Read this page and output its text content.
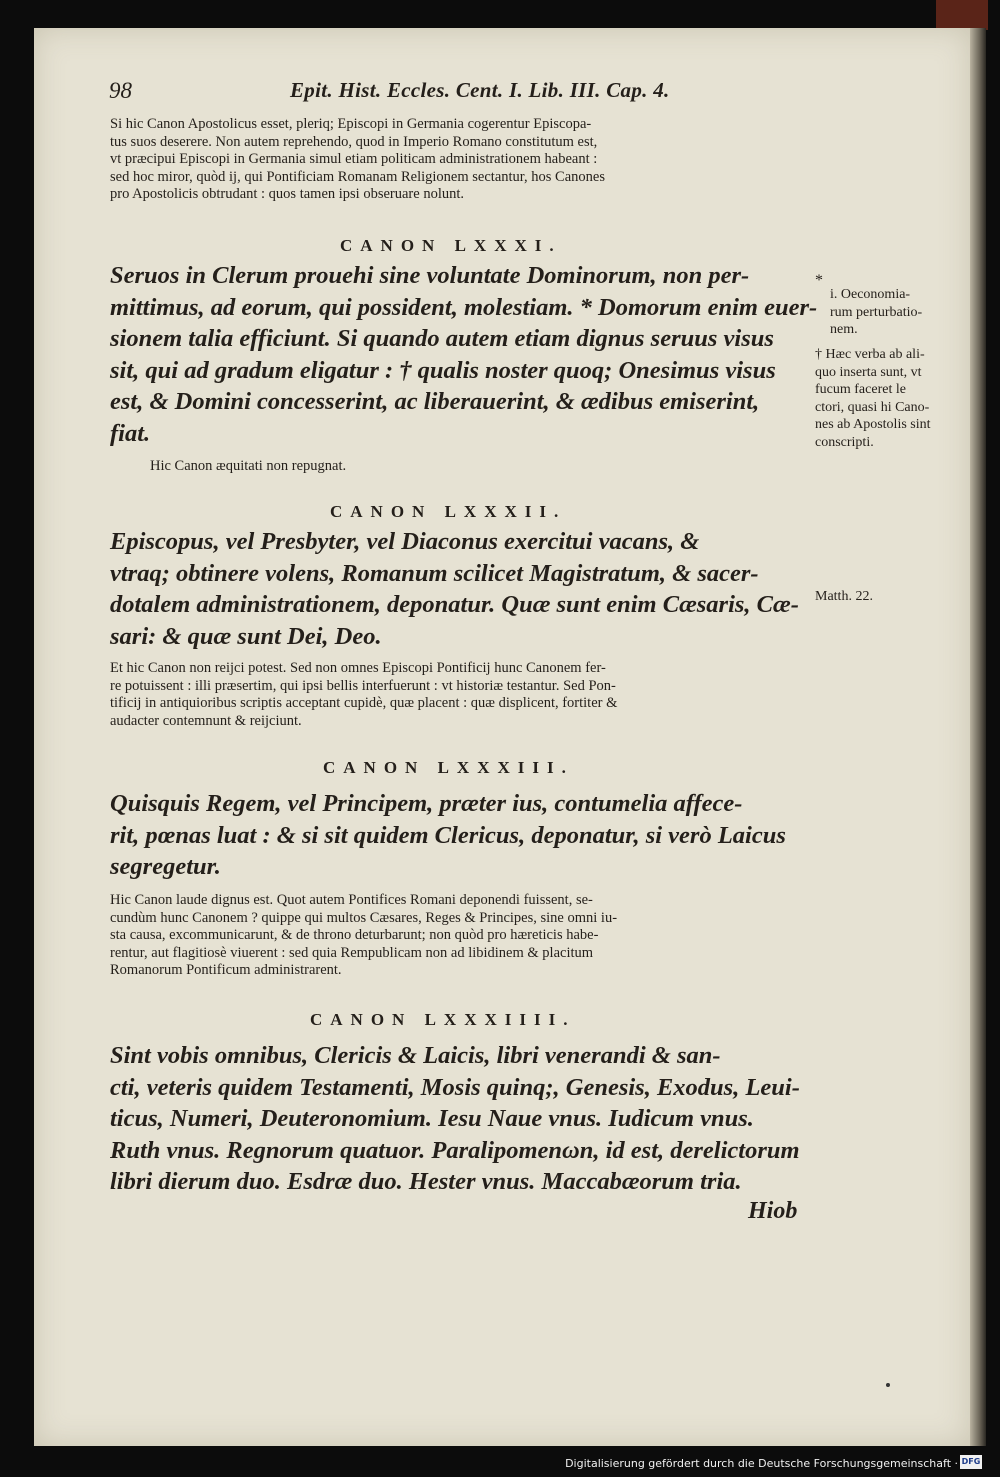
98	Epit. Hist. Eccles. Cent. I. Lib. III. Cap. 4.
Si hic Canon Apostolicus esset, pleriq; Episcopi in Germania cogerentur Episcopa-
tus suos deserere. Non autem reprehendo, quod in Imperio Romano constitutum est,
vt præcipui Episcopi in Germania simul etiam politicam administrationem habeant :
sed hoc miror, quòd ij, qui Pontificiam Romanam Religionem sectantur, hos Canones
pro Apostolicis obtrudant : quos tamen ipsi obseruare nolunt.
CANON LXXXI.
Seruos in Clerum prouehi sine voluntate Dominorum, non per-
mittimus, ad eorum, qui possident, molestiam. * Domorum enim euer-
sionem talia efficiunt. Si quando autem etiam dignus seruus visus
sit, qui ad gradum eligatur : † qualis noster quoq; Onesimus visus
est, & Domini concesserint, ac liberauerint, & ædibus emiserint,
fiat.
Hic Canon æquitati non repugnat.
CANON LXXXII.
Episcopus, vel Presbyter, vel Diaconus exercitui vacans, &
vtraq; obtinere volens, Romanum scilicet Magistratum, & sacer-
dotalem administrationem, deponatur. Quæ sunt enim Cæsaris, Cæ-
sari: & quæ sunt Dei, Deo.
Et hic Canon non reijci potest. Sed non omnes Episcopi Pontificij hunc Canonem fer-
re potuissent : illi præsertim, qui ipsi bellis interfuerunt : vt historiæ testantur. Sed Pon-
tificij in antiquioribus scriptis acceptant cupidè, quæ placent : quæ displicent, fortiter &
audacter contemnunt & reijciunt.
CANON LXXXIII.
Quisquis Regem, vel Principem, præter ius, contumelia affece-
rit, pœnas luat : & si sit quidem Clericus, deponatur, si verò Laicus
segregetur.
Hic Canon laude dignus est. Quot autem Pontifices Romani deponendi fuissent, se-
cundùm hunc Canonem ? quippe qui multos Cæsares, Reges & Principes, sine omni iu-
sta causa, excommunicarunt, & de throno deturbarunt; non quòd pro hæreticis habe-
rentur, aut flagitiosè viuerent : sed quia Rempublicam non ad libidinem & placitum
Romanorum Pontificum administrarent.
CANON LXXXIIII.
Sint vobis omnibus, Clericis & Laicis, libri venerandi & san-
cti, veteris quidem Testamenti, Mosis quinq;, Genesis, Exodus, Leui-
ticus, Numeri, Deuteronomium. Iesu Naue vnus. Iudicum vnus.
Ruth vnus. Regnorum quatuor. Paralipomenωn, id est, derelictorum
libri dierum duo. Esdræ duo. Hester vnus. Maccabæorum tria.
*
i. Oeconomia-
rum perturbatio-
nem.
† Hæc verba ab ali-
quo inserta sunt, vt
fucum faceret le
ctori, quasi hi Cano-
nes ab Apostolis sint
conscripti.
Matth. 22.
Hiob
Digitalisierung gefördert durch die Deutsche Forschungsgemeinschaft · DFG
